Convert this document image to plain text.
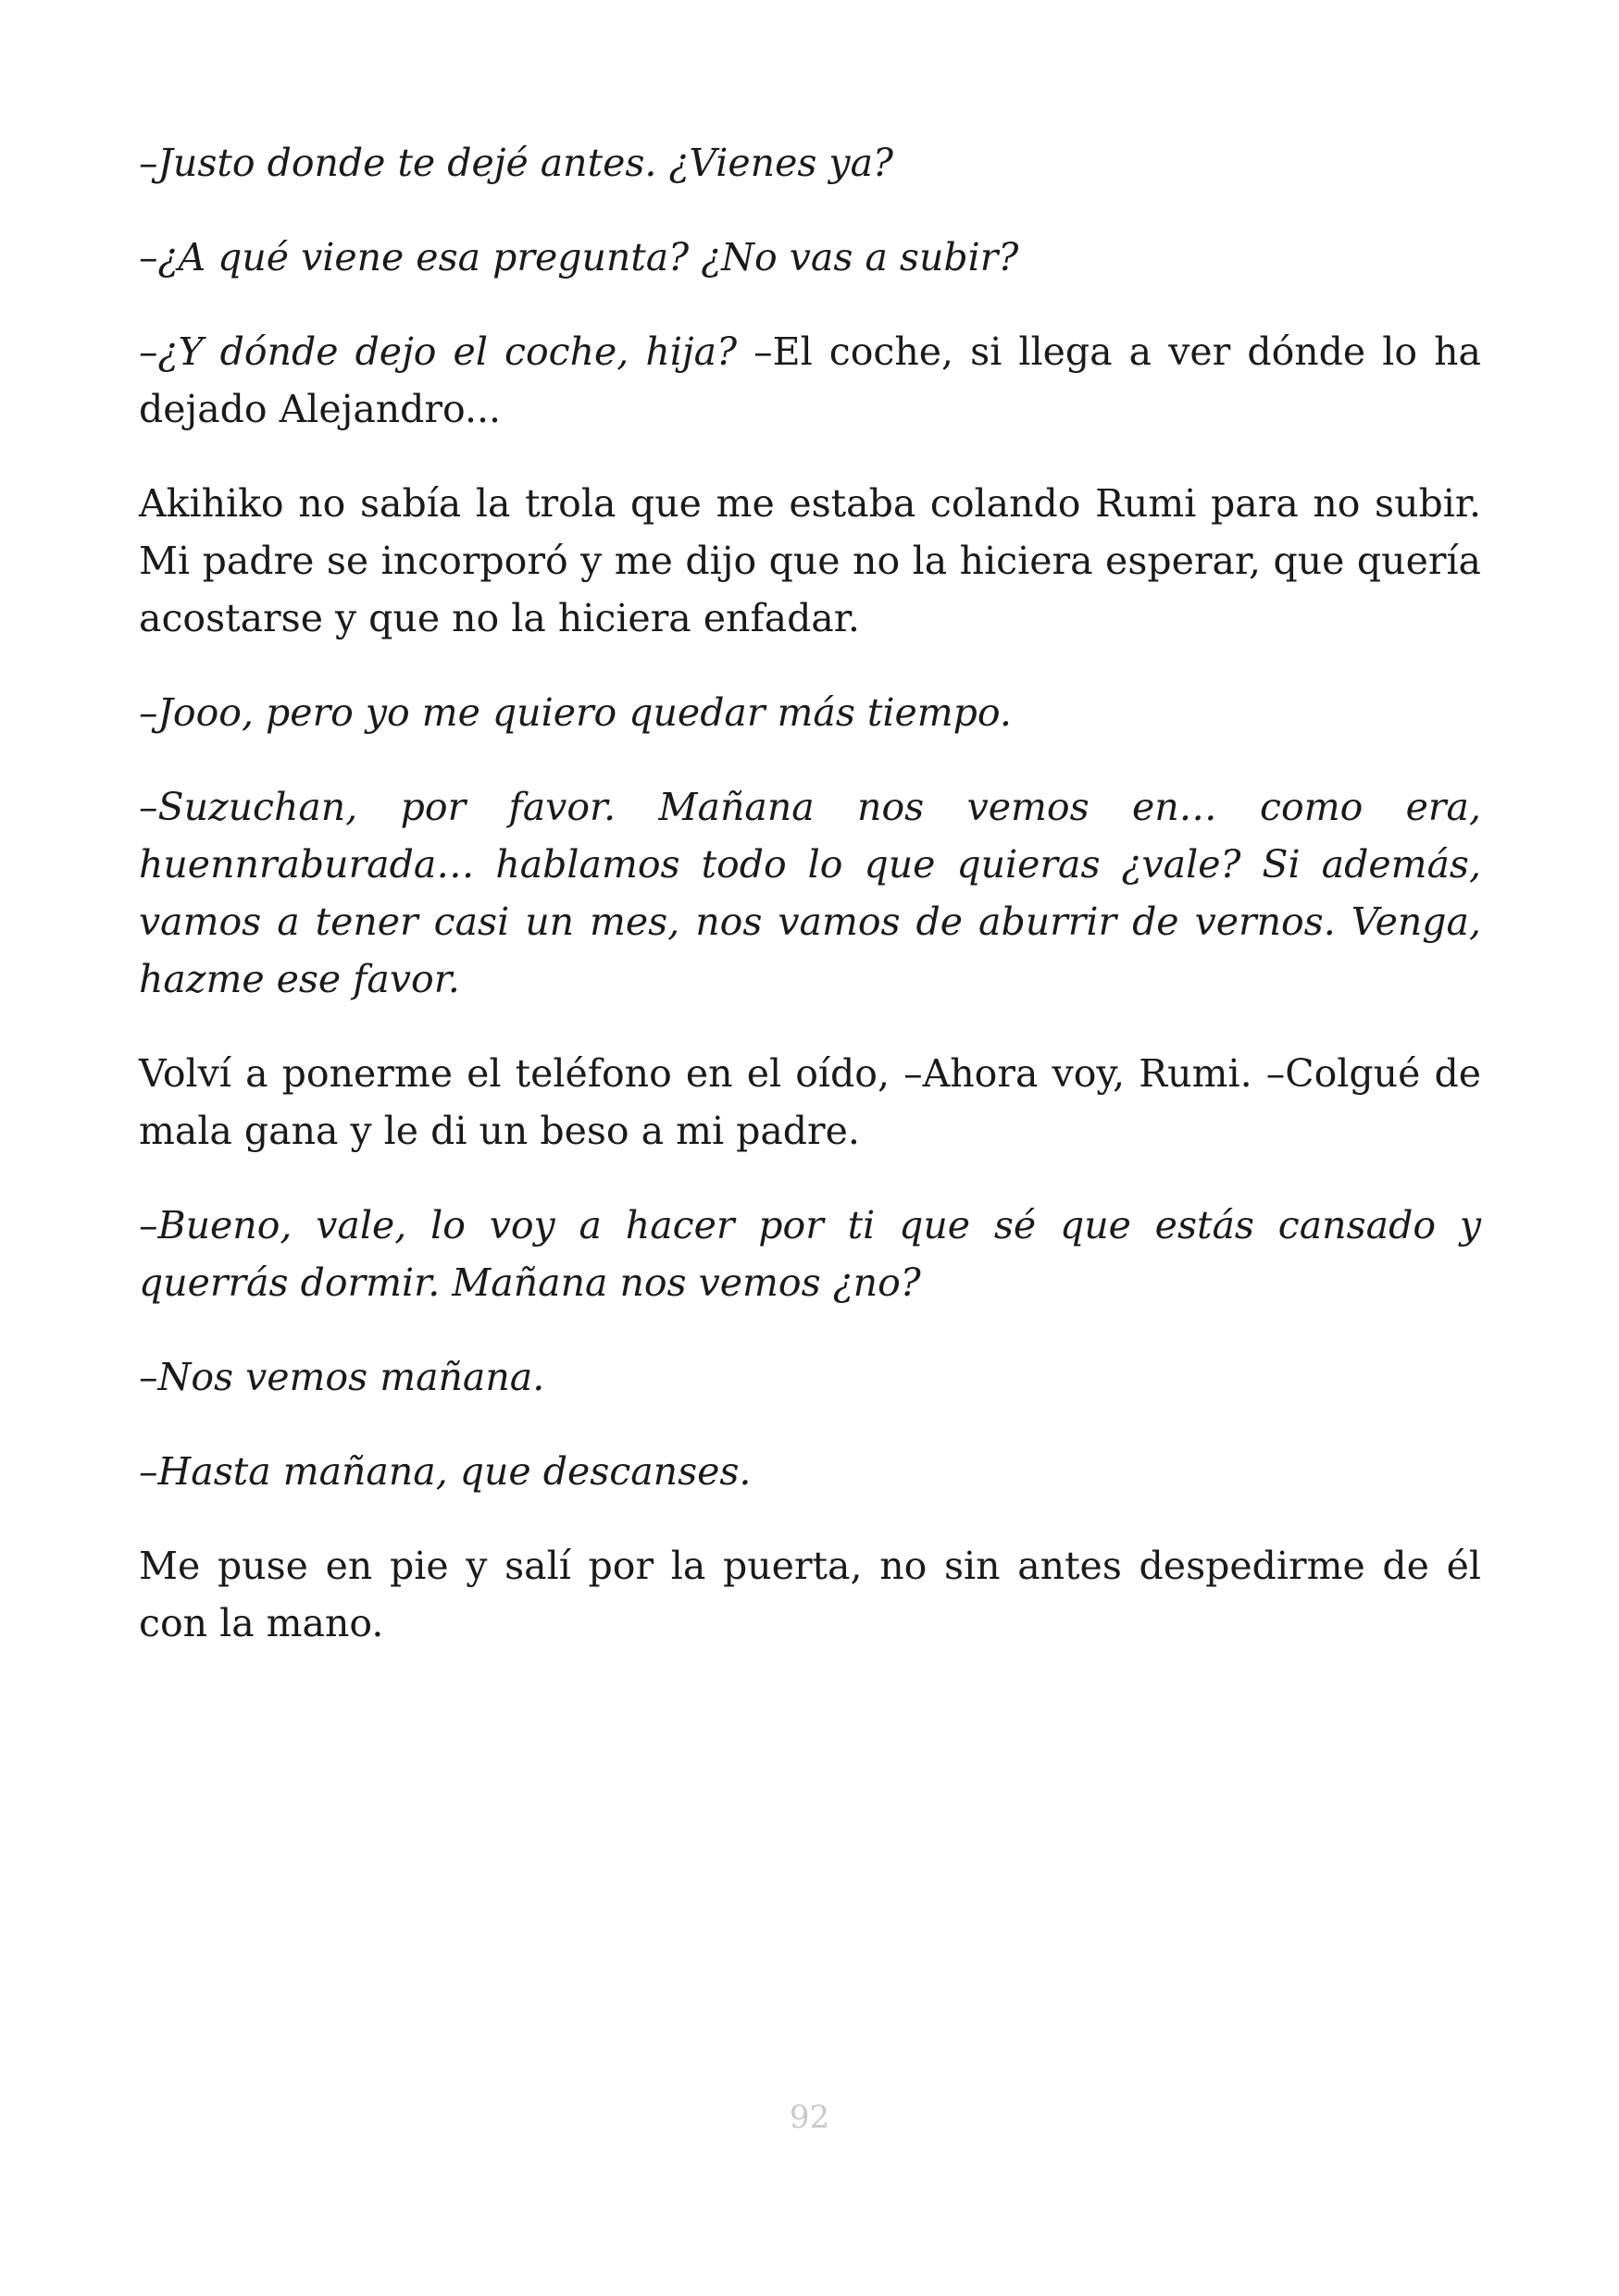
–Justo donde te dejé antes. ¿Vienes ya?

–¿A qué viene esa pregunta? ¿No vas a subir?

–¿Y dónde dejo el coche, hija? –El coche, si llega a ver dónde lo ha dejado Alejandro...

Akihiko no sabía la trola que me estaba colando Rumi para no subir. Mi padre se incorporó y me dijo que no la hiciera esperar, que quería acostarse y que no la hiciera enfadar.

–Jooo, pero yo me quiero quedar más tiempo.

–Suzuchan, por favor. Mañana nos vemos en… como era, huennraburada… hablamos todo lo que quieras ¿vale? Si además, vamos a tener casi un mes, nos vamos de aburrir de vernos. Venga, hazme ese favor.

Volví a ponerme el teléfono en el oído, –Ahora voy, Rumi. –Colgué de mala gana y le di un beso a mi padre.

–Bueno, vale, lo voy a hacer por ti que sé que estás cansado y querrás dormir. Mañana nos vemos ¿no?

–Nos vemos mañana.

–Hasta mañana, que descanses.

Me puse en pie y salí por la puerta, no sin antes despedirme de él con la mano.

92
